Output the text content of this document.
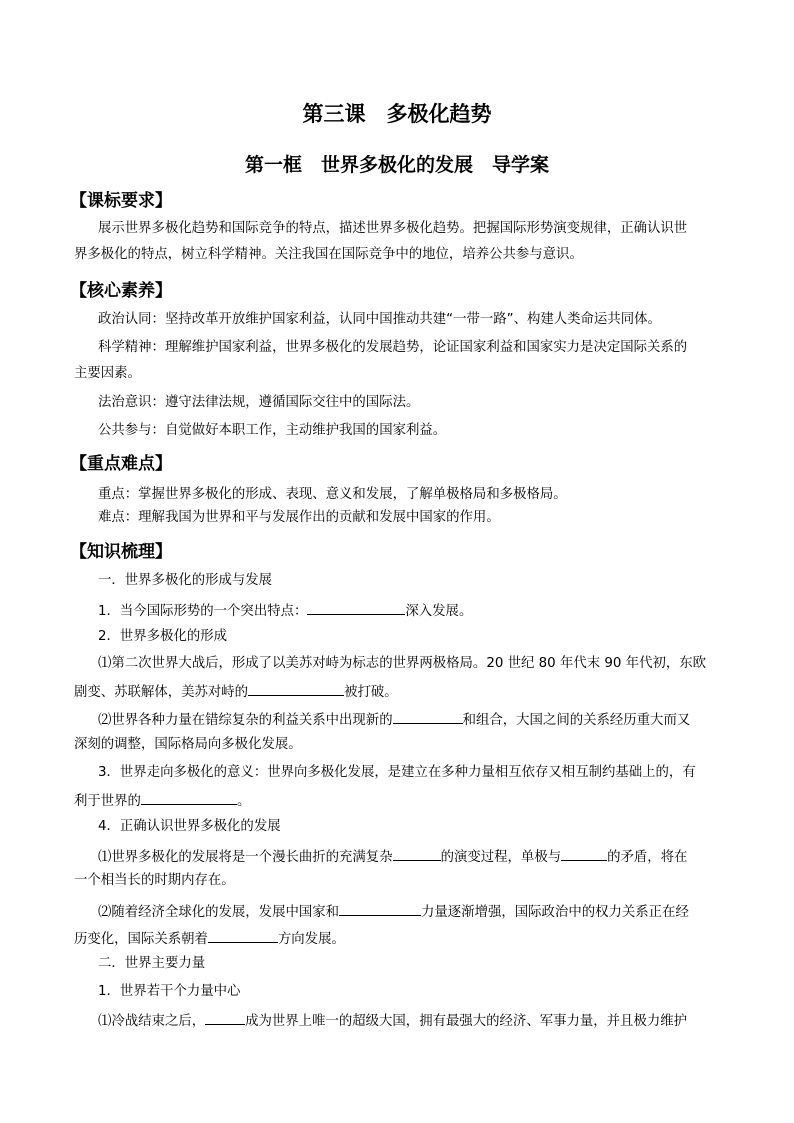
第三课　多极化趋势
第一框　世界多极化的发展　导学案
【课标要求】
展示世界多极化趋势和国际竞争的特点，描述世界多极化趋势。把握国际形势演变规律，正确认识世
界多极化的特点，树立科学精神。关注我国在国际竞争中的地位，培养公共参与意识。
【核心素养】
政治认同：坚持改革开放维护国家利益，认同中国推动共建“一带一路”、构建人类命运共同体。
科学精神：理解维护国家利益，世界多极化的发展趋势，论证国家利益和国家实力是决定国际关系的
主要因素。
法治意识：遵守法律法规，遵循国际交往中的国际法。
公共参与：自觉做好本职工作，主动维护我国的国家利益。
【重点难点】
重点：掌握世界多极化的形成、表现、意义和发展，了解单极格局和多极格局。
难点：理解我国为世界和平与发展作出的贡献和发展中国家的作用。
【知识梳理】
一．世界多极化的形成与发展
1．当今国际形势的一个突出特点：	深入发展。
2．世界多极化的形成
⑴第二次世界大战后，形成了以美苏对峙为标志的世界两极格局。20 世纪 80 年代末 90 年代初，东欧
剧变、苏联解体，美苏对峙的	被打破。
⑵世界各种力量在错综复杂的利益关系中出现新的	和组合，大国之间的关系经历重大而又
深刻的调整，国际格局向多极化发展。
3．世界走向多极化的意义：世界向多极化发展，是建立在多种力量相互依存又相互制约基础上的，有
利于世界的	。
4．正确认识世界多极化的发展
⑴世界多极化的发展将是一个漫长曲折的充满复杂	的演变过程，单极与	的矛盾，将在
一个相当长的时期内存在。
⑵随着经济全球化的发展，发展中国家和	力量逐渐增强，国际政治中的权力关系正在经
历变化，国际关系朝着	方向发展。
二．世界主要力量
1．世界若干个力量中心
⑴冷战结束之后，	成为世界上唯一的超级大国，拥有最强大的经济、军事力量，并且极力维护
